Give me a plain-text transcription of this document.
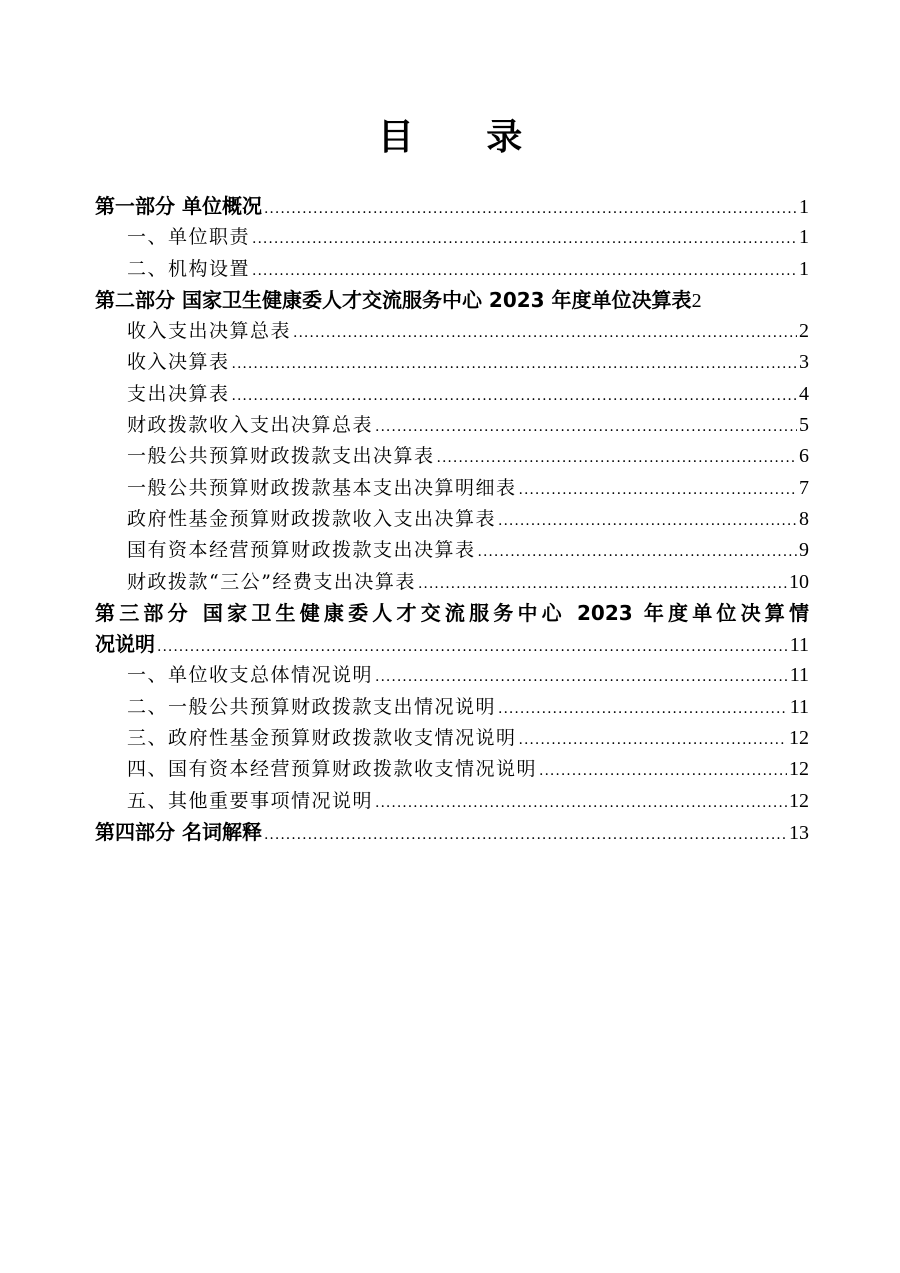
目 录
第一部分 单位概况 .....	1
一、单位职责 .....	1
二、机构设置 .....	1
第二部分 国家卫生健康委人才交流服务中心 2023 年度单位决算表 2
收入支出决算总表 .....	2
收入决算表 .....	3
支出决算表 .....	4
财政拨款收入支出决算总表 .....	5
一般公共预算财政拨款支出决算表 .....	6
一般公共预算财政拨款基本支出决算明细表 .....	7
政府性基金预算财政拨款收入支出决算表 .....	8
国有资本经营预算财政拨款支出决算表 .....	9
财政拨款“三公”经费支出决算表 .....	10
第三部分 国家卫生健康委人才交流服务中心 2023 年度单位决算情
况说明 .....	11
一、单位收支总体情况说明 .....	11
二、一般公共预算财政拨款支出情况说明 .....	11
三、政府性基金预算财政拨款收支情况说明 .....	12
四、国有资本经营预算财政拨款收支情况说明 .....	12
五、其他重要事项情况说明 .....	12
第四部分 名词解释 .....	13
